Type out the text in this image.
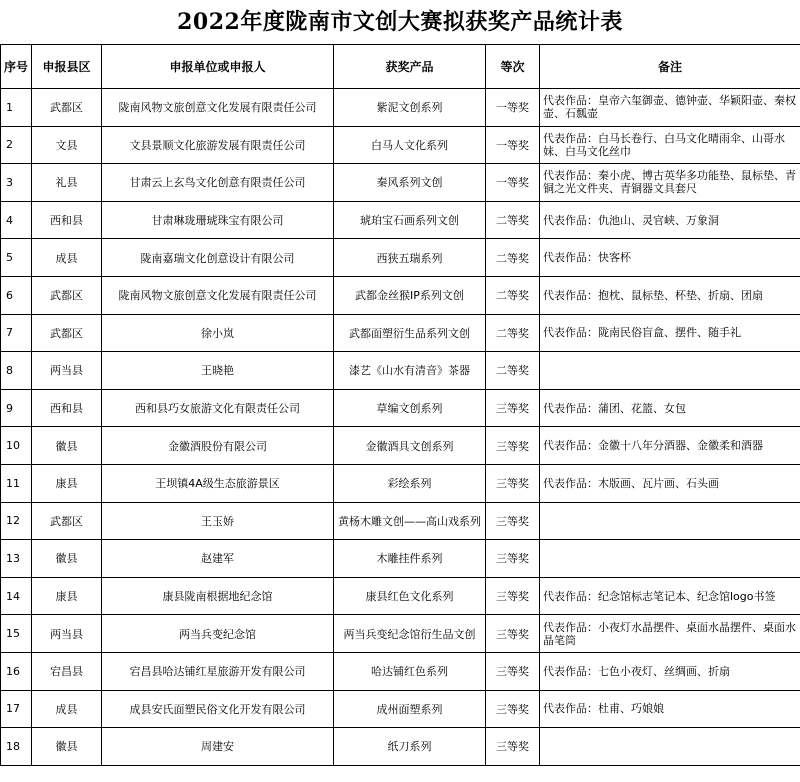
2022年度陇南市文创大赛拟获奖产品统计表
序号	申报县区	申报单位或申报人	获奖产品	等次	备注
1	武都区	陇南风物文旅创意文化发展有限责任公司	紫泥文创系列	一等奖	代表作品：皇帝六玺御壶、德钟壶、华颖阳壶、秦权壶、石瓢壶
2	文县	文县景顺文化旅游发展有限责任公司	白马人文化系列	一等奖	代表作品：白马长卷行、白马文化晴雨伞、山哥水妹、白马文化丝巾
3	礼县	甘肃云上玄鸟文化创意有限责任公司	秦风系列文创	一等奖	代表作品：秦小虎、博古英华多功能垫、鼠标垫、青铜之光文件夹、青铜器文具套尺
4	西和县	甘肃琳珑珊琥珠宝有限公司	琥珀宝石画系列文创	二等奖	代表作品：仇池山、灵官峡、万象洞
5	成县	陇南嘉瑞文化创意设计有限公司	西狭五瑞系列	二等奖	代表作品：快客杯
6	武都区	陇南风物文旅创意文化发展有限责任公司	武都金丝猴IP系列文创	二等奖	代表作品：抱枕、鼠标垫、杯垫、折扇、团扇
7	武都区	徐小岚	武都面塑衍生品系列文创	二等奖	代表作品：陇南民俗盲盒、摆件、随手礼
8	两当县	王晓艳	漆艺《山水有清音》茶器	二等奖	
9	西和县	西和县巧女旅游文化有限责任公司	草编文创系列	三等奖	代表作品：蒲团、花篮、女包
10	徽县	金徽酒股份有限公司	金徽酒具文创系列	三等奖	代表作品：金徽十八年分酒器、金徽柔和酒器
11	康县	王坝镇4A级生态旅游景区	彩绘系列	三等奖	代表作品：木版画、瓦片画、石头画
12	武都区	王玉娇	黄杨木雕文创——高山戏系列	三等奖	
13	徽县	赵建军	木雕挂件系列	三等奖	
14	康县	康县陇南根据地纪念馆	康县红色文化系列	三等奖	代表作品：纪念馆标志笔记本、纪念馆logo书签
15	两当县	两当兵变纪念馆	两当兵变纪念馆衍生品文创	三等奖	代表作品：小夜灯水晶摆件、桌面水晶摆件、桌面水晶笔筒
16	宕昌县	宕昌县哈达铺红星旅游开发有限公司	哈达铺红色系列	三等奖	代表作品：七色小夜灯、丝绸画、折扇
17	成县	成县安氏面塑民俗文化开发有限公司	成州面塑系列	三等奖	代表作品：杜甫、巧娘娘
18	徽县	周建安	纸刀系列	三等奖	
